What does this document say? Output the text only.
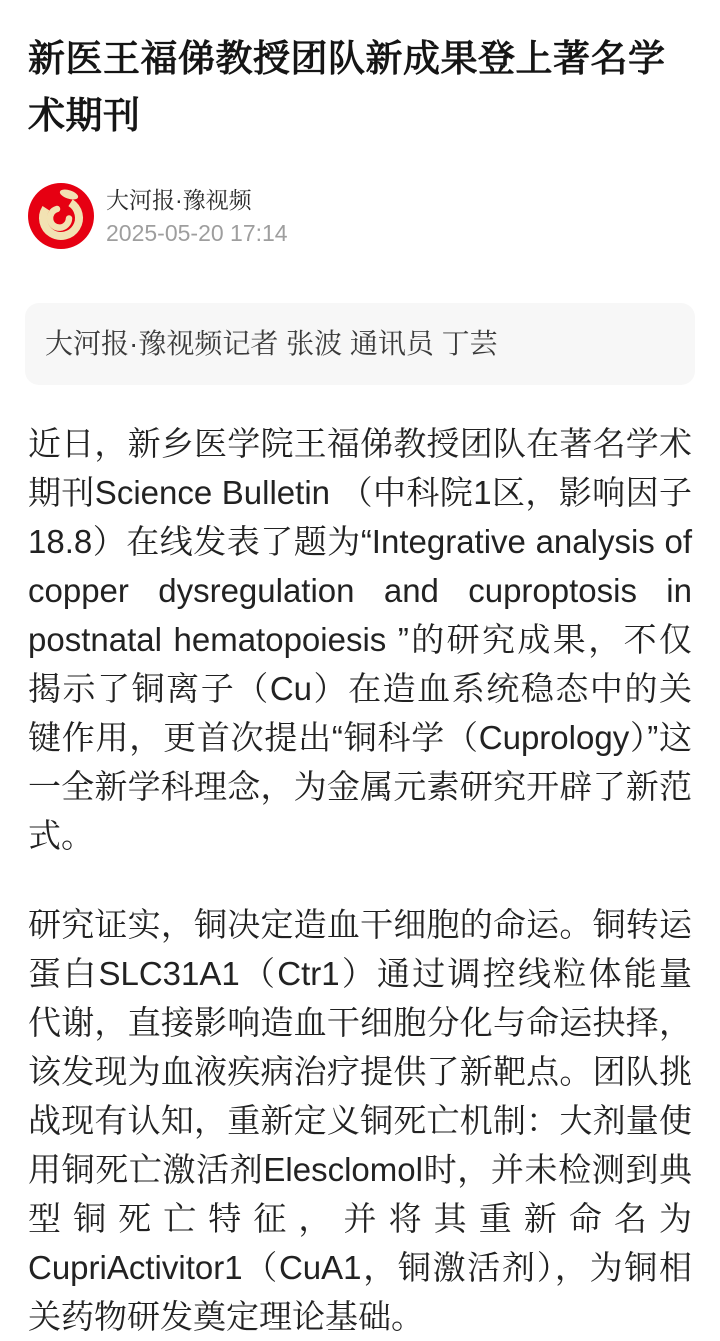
新医王福俤教授团队新成果登上著名学术期刊
大河报·豫视频
2025-05-20 17:14
大河报·豫视频记者 张波 通讯员 丁芸

近日，新乡医学院王福俤教授团队在著名学术期刊Science Bulletin （中科院1区，影响因子18.8）在线发表了题为“Integrative analysis of copper dysregulation and cuproptosis in postnatal hematopoiesis ”的研究成果，不仅揭示了铜离子（Cu）在造血系统稳态中的关键作用，更首次提出“铜科学（Cuprology）”这一全新学科理念，为金属元素研究开辟了新范式。

研究证实，铜决定造血干细胞的命运。铜转运蛋白SLC31A1（Ctr1）通过调控线粒体能量代谢，直接影响造血干细胞分化与命运抉择，该发现为血液疾病治疗提供了新靶点。团队挑战现有认知，重新定义铜死亡机制：大剂量使用铜死亡激活剂Elesclomol时，并未检测到典型铜死亡特征，并将其重新命名为CupriActivitor1（CuA1，铜激活剂），为铜相关药物研发奠定理论基础。
